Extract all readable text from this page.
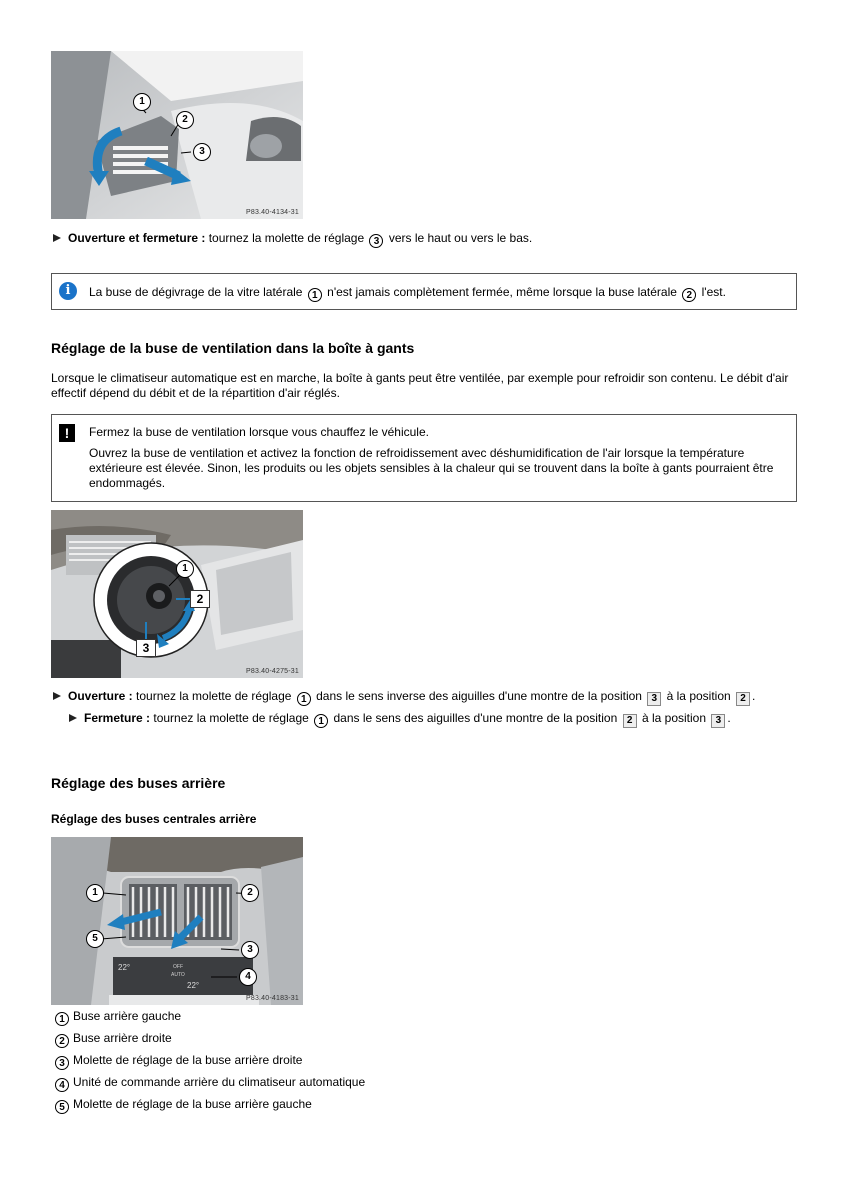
1
2
3
P83.40-4134-31
Ouverture et fermeture : tournez la molette de réglage 3 vers le haut ou vers le bas.
i	La buse de dégivrage de la vitre latérale 1 n'est jamais complètement fermée, même lorsque la buse latérale 2 l'est.
Réglage de la buse de ventilation dans la boîte à gants
Lorsque le climatiseur automatique est en marche, la boîte à gants peut être ventilée, par exemple pour refroidir son contenu. Le débit d'air effectif dépend du débit et de la répartition d'air réglés.
!	Fermez la buse de ventilation lorsque vous chauffez le véhicule.
Ouvrez la buse de ventilation et activez la fonction de refroidissement avec déshumidification de l'air lorsque la température extérieure est élevée. Sinon, les produits ou les objets sensibles à la chaleur qui se trouvent dans la boîte à gants pourraient être endommagés.
1
2
3
P83.40-4275-31
Ouverture : tournez la molette de réglage 1 dans le sens inverse des aiguilles d'une montre de la position 3 à la position 2 .
Fermeture : tournez la molette de réglage 1 dans le sens des aiguilles d'une montre de la position 2 à la position 3 .
Réglage des buses arrière
Réglage des buses centrales arrière
22°	OFF
AUTO
22°
1	2
5
3
4
P83.40-4183-31
1 Buse arrière gauche
2 Buse arrière droite
3 Molette de réglage de la buse arrière droite
4 Unité de commande arrière du climatiseur automatique
5 Molette de réglage de la buse arrière gauche
